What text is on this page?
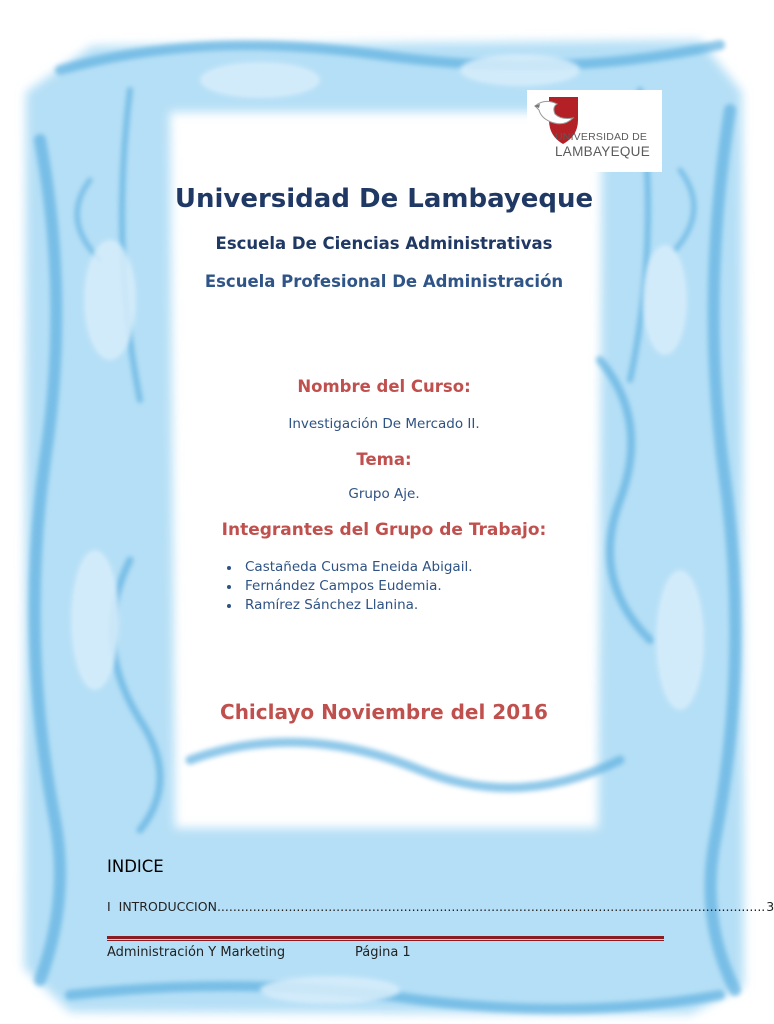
UNIVERSIDAD DE
LAMBAYEQUE
Universidad De Lambayeque
Escuela De Ciencias Administrativas
Escuela Profesional De Administración
Nombre del Curso:
Investigación De Mercado II.
Tema:
Grupo Aje.
Integrantes del Grupo de Trabajo:
Castañeda Cusma Eneida Abigail.
Fernández Campos Eudemia.
Ramírez Sánchez Llanina.
Chiclayo Noviembre del 2016
INDICE
I  INTRODUCCION .......................................................................................................................................... 3
Administración Y Marketing	Página 1
